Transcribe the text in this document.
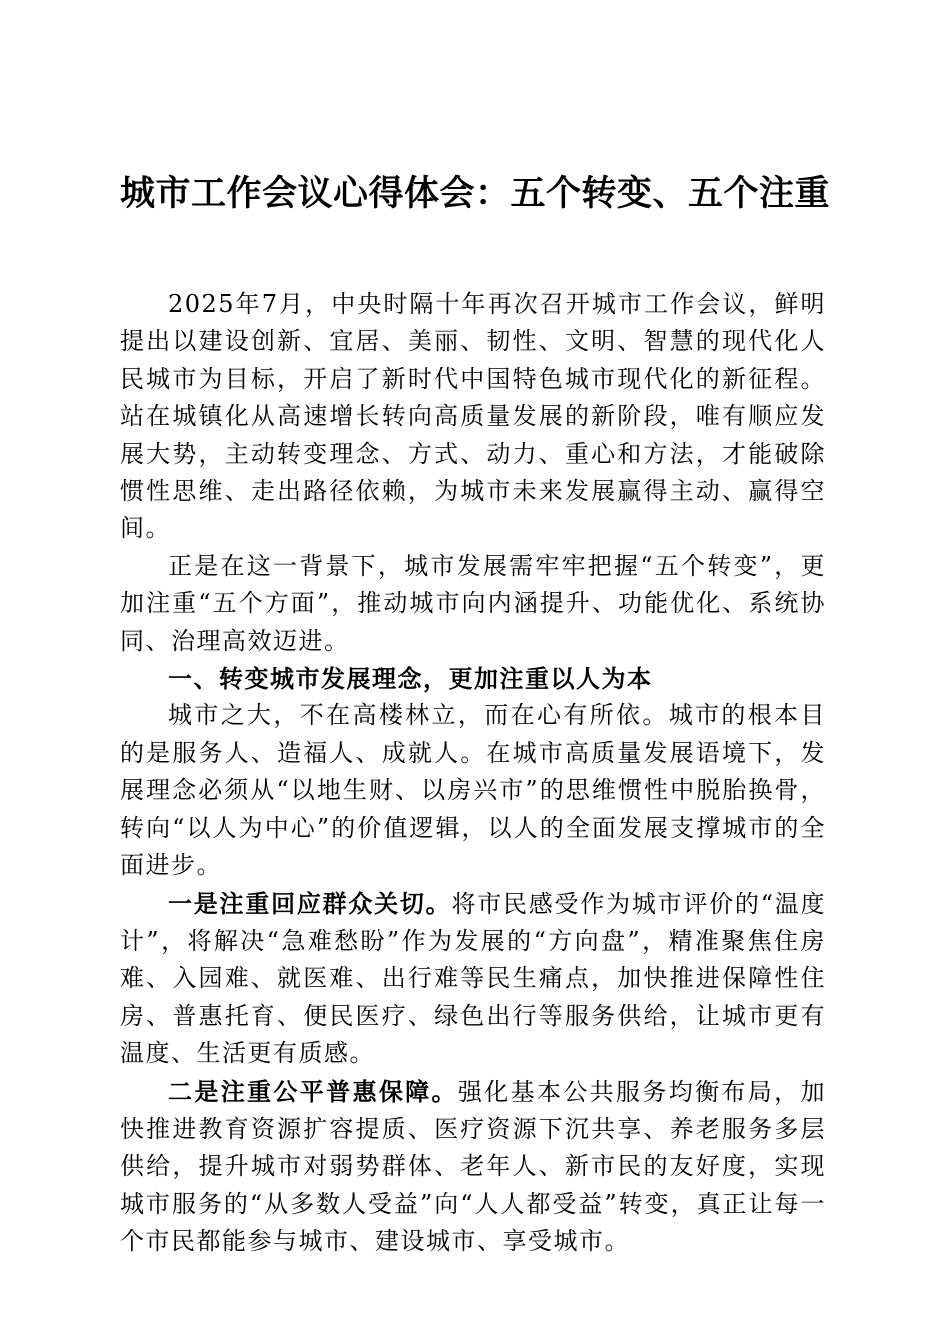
城市工作会议心得体会：五个转变、五个注重

2025年7月，中央时隔十年再次召开城市工作会议，鲜明提出以建设创新、宜居、美丽、韧性、文明、智慧的现代化人民城市为目标，开启了新时代中国特色城市现代化的新征程。站在城镇化从高速增长转向高质量发展的新阶段，唯有顺应发展大势，主动转变理念、方式、动力、重心和方法，才能破除惯性思维、走出路径依赖，为城市未来发展赢得主动、赢得空间。

正是在这一背景下，城市发展需牢牢把握“五个转变”，更加注重“五个方面”，推动城市向内涵提升、功能优化、系统协同、治理高效迈进。

一、转变城市发展理念，更加注重以人为本

城市之大，不在高楼林立，而在心有所依。城市的根本目的是服务人、造福人、成就人。在城市高质量发展语境下，发展理念必须从“以地生财、以房兴市”的思维惯性中脱胎换骨，转向“以人为中心”的价值逻辑，以人的全面发展支撑城市的全面进步。

一是注重回应群众关切。将市民感受作为城市评价的“温度计”，将解决“急难愁盼”作为发展的“方向盘”，精准聚焦住房难、入园难、就医难、出行难等民生痛点，加快推进保障性住房、普惠托育、便民医疗、绿色出行等服务供给，让城市更有温度、生活更有质感。

二是注重公平普惠保障。强化基本公共服务均衡布局，加快推进教育资源扩容提质、医疗资源下沉共享、养老服务多层供给，提升城市对弱势群体、老年人、新市民的友好度，实现城市服务的“从多数人受益”向“人人都受益”转变，真正让每一个市民都能参与城市、建设城市、享受城市。
